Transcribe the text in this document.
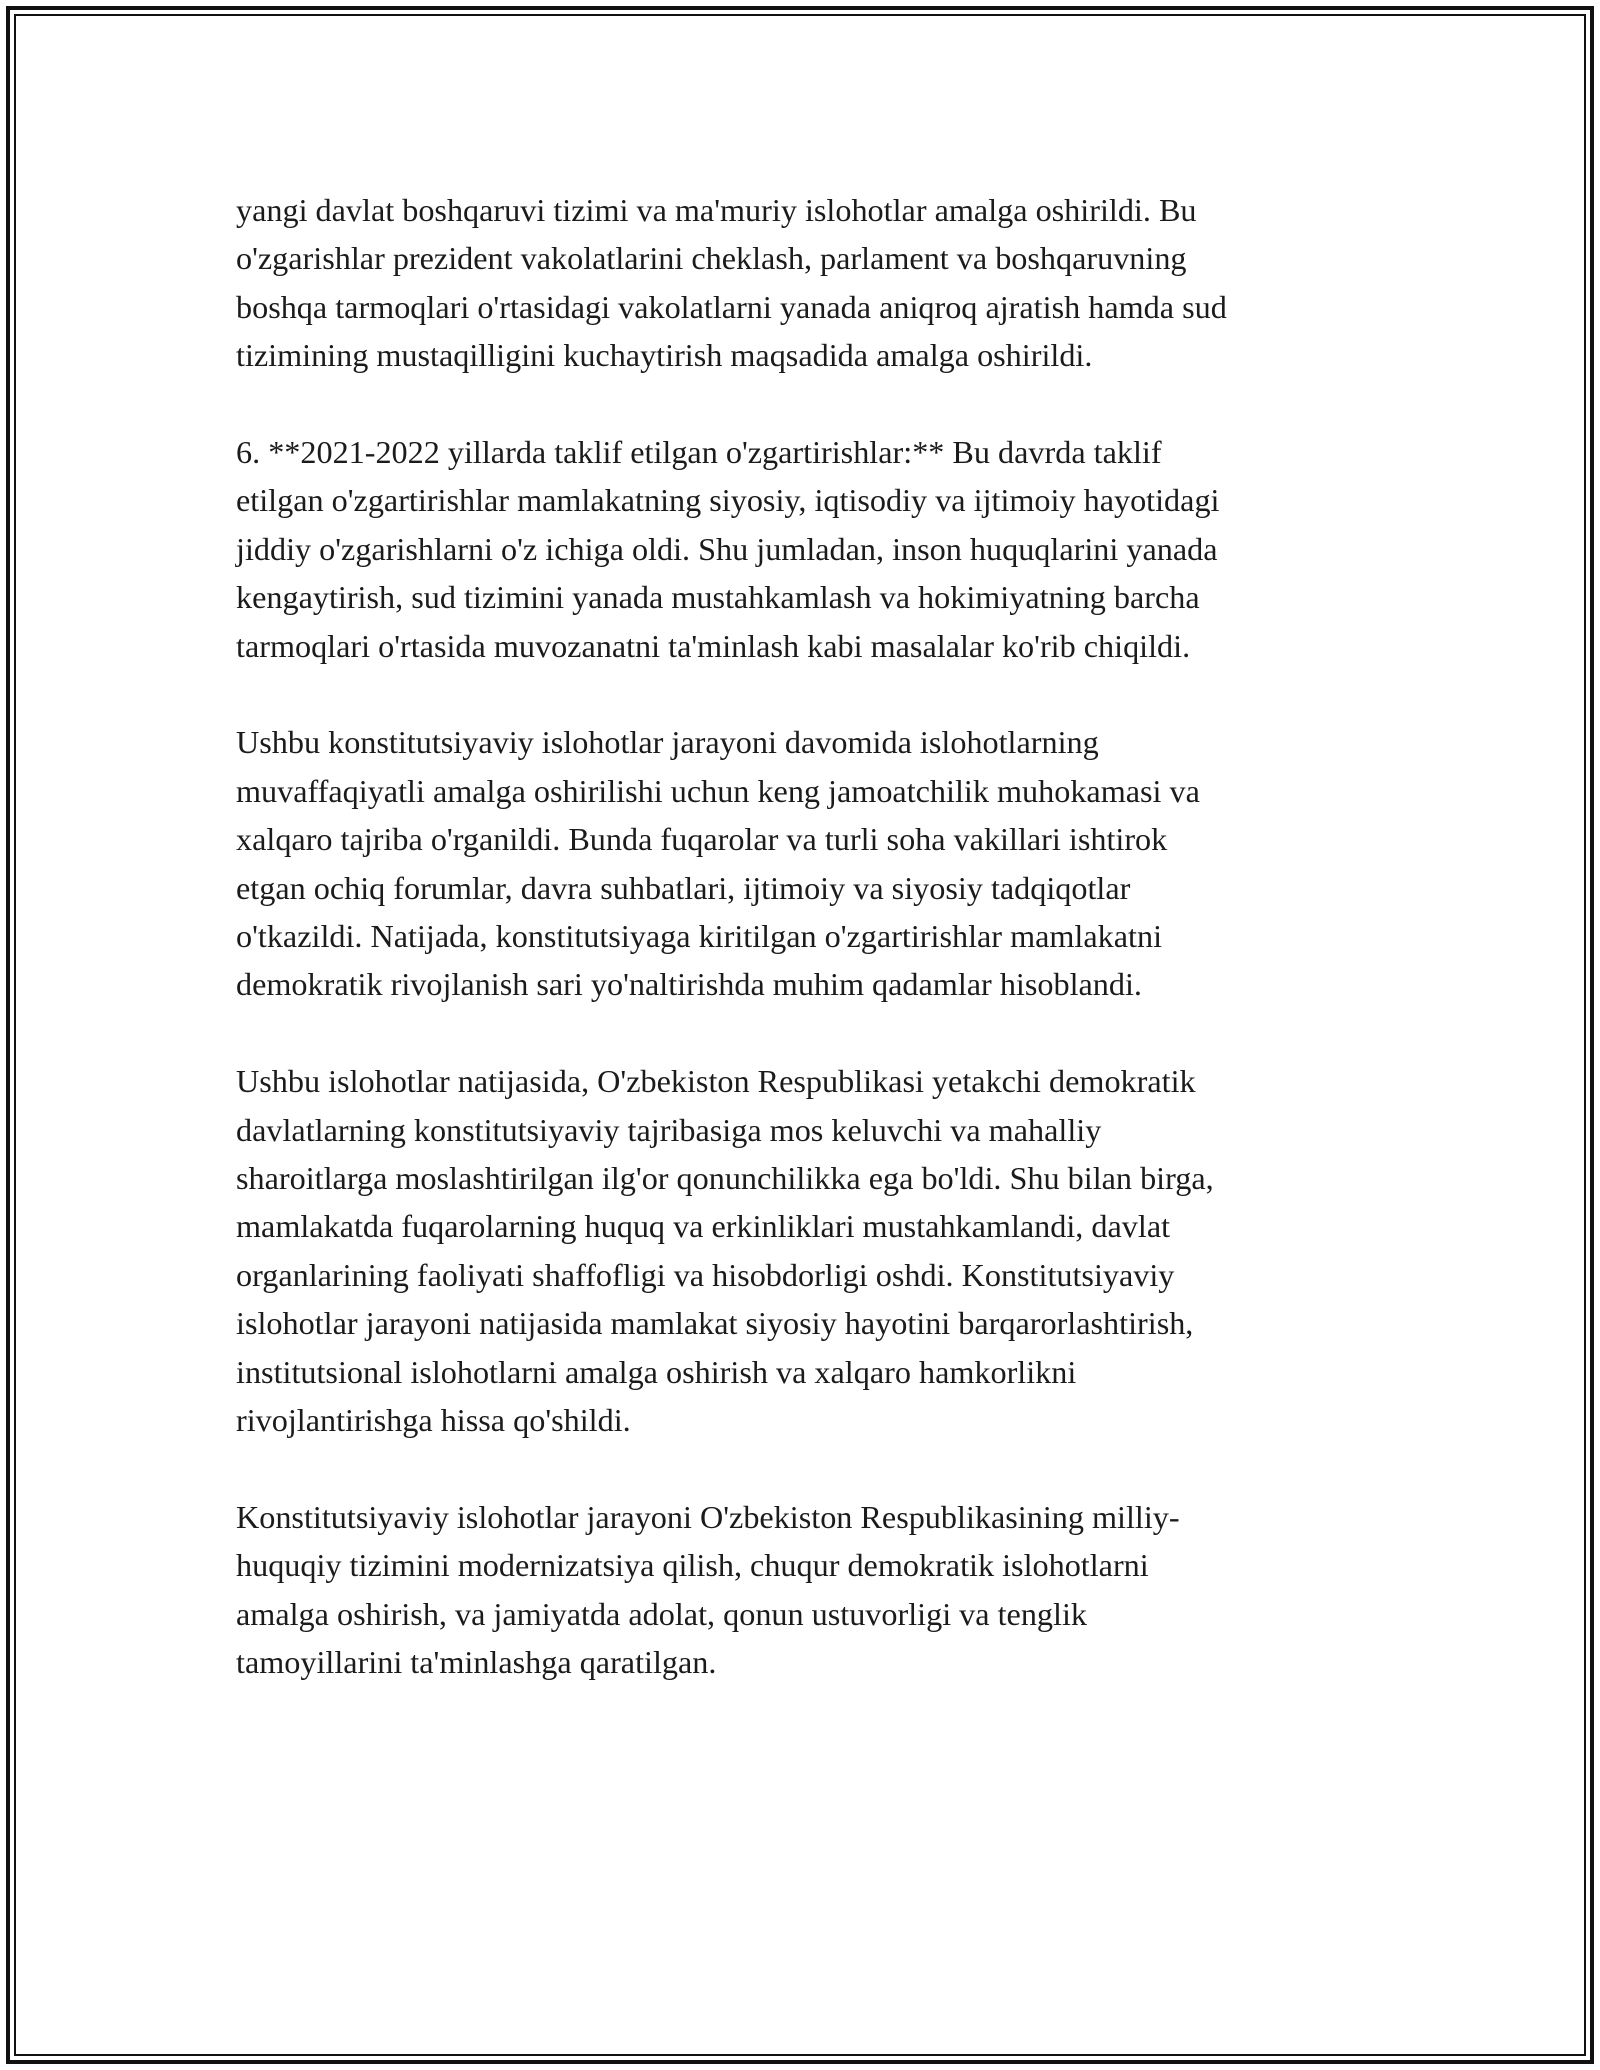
yangi davlat boshqaruvi tizimi va ma'muriy islohotlar amalga oshirildi. Bu
o'zgarishlar prezident vakolatlarini cheklash, parlament va boshqaruvning
boshqa tarmoqlari o'rtasidagi vakolatlarni yanada aniqroq ajratish hamda sud
tizimining mustaqilligini kuchaytirish maqsadida amalga oshirildi.

6. **2021-2022 yillarda taklif etilgan o'zgartirishlar:** Bu davrda taklif
etilgan o'zgartirishlar mamlakatning siyosiy, iqtisodiy va ijtimoiy hayotidagi
jiddiy o'zgarishlarni o'z ichiga oldi. Shu jumladan, inson huquqlarini yanada
kengaytirish, sud tizimini yanada mustahkamlash va hokimiyatning barcha
tarmoqlari o'rtasida muvozanatni ta'minlash kabi masalalar ko'rib chiqildi.

Ushbu konstitutsiyaviy islohotlar jarayoni davomida islohotlarning
muvaffaqiyatli amalga oshirilishi uchun keng jamoatchilik muhokamasi va
xalqaro tajriba o'rganildi. Bunda fuqarolar va turli soha vakillari ishtirok
etgan ochiq forumlar, davra suhbatlari, ijtimoiy va siyosiy tadqiqotlar
o'tkazildi. Natijada, konstitutsiyaga kiritilgan o'zgartirishlar mamlakatni
demokratik rivojlanish sari yo'naltirishda muhim qadamlar hisoblandi.

Ushbu islohotlar natijasida, O'zbekiston Respublikasi yetakchi demokratik
davlatlarning konstitutsiyaviy tajribasiga mos keluvchi va mahalliy
sharoitlarga moslashtirilgan ilg'or qonunchilikka ega bo'ldi. Shu bilan birga,
mamlakatda fuqarolarning huquq va erkinliklari mustahkamlandi, davlat
organlarining faoliyati shaffofligi va hisobdorligi oshdi. Konstitutsiyaviy
islohotlar jarayoni natijasida mamlakat siyosiy hayotini barqarorlashtirish,
institutsional islohotlarni amalga oshirish va xalqaro hamkorlikni
rivojlantirishga hissa qo'shildi.

Konstitutsiyaviy islohotlar jarayoni O'zbekiston Respublikasining milliy-
huquqiy tizimini modernizatsiya qilish, chuqur demokratik islohotlarni
amalga oshirish, va jamiyatda adolat, qonun ustuvorligi va tenglik
tamoyillarini ta'minlashga qaratilgan.
